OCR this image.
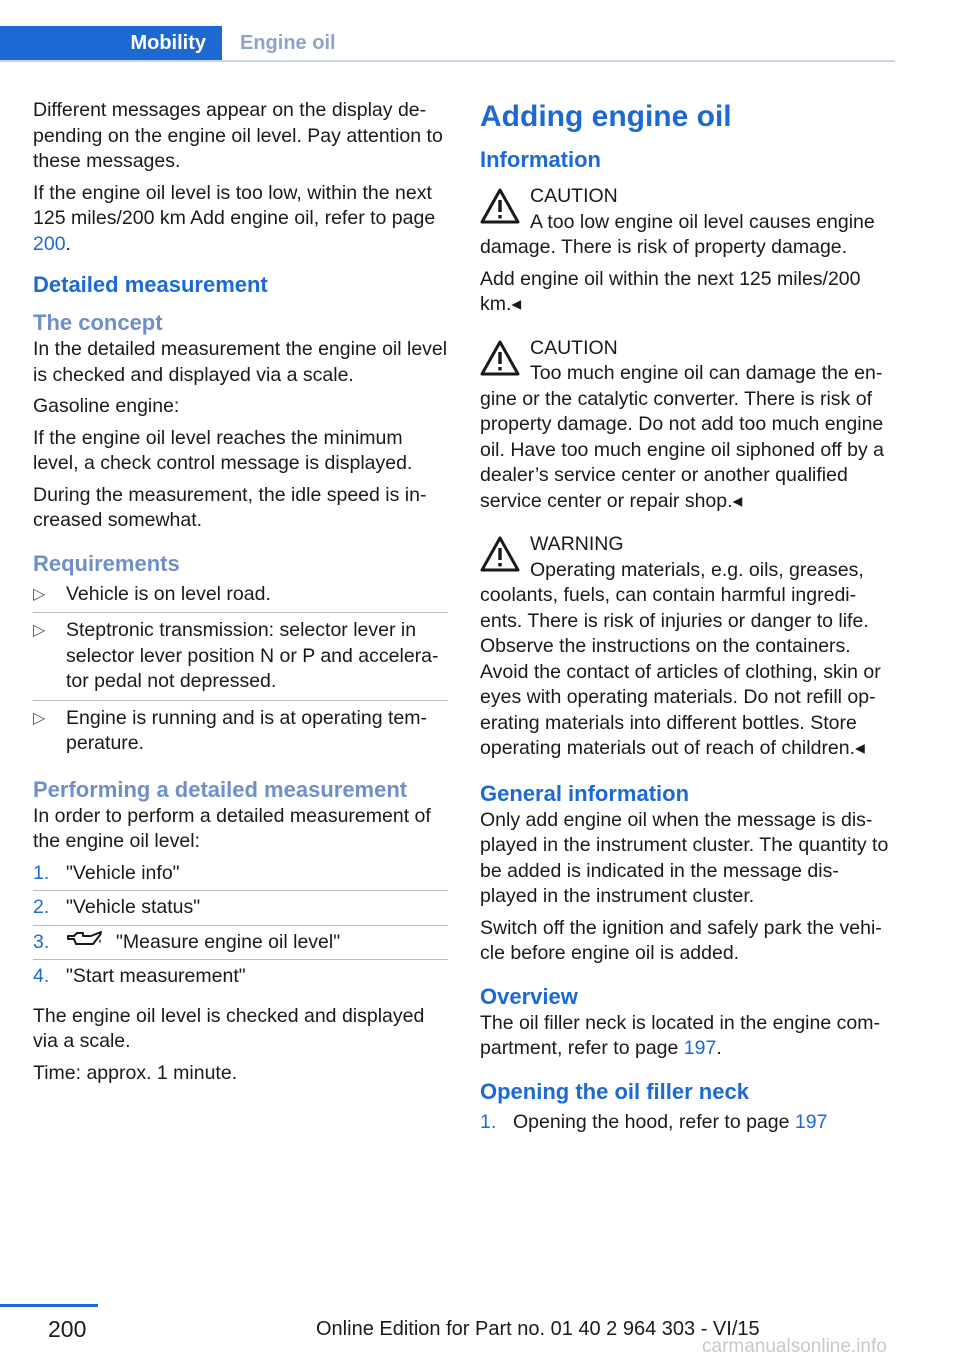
Mobility	Engine oil

Different messages appear on the display de-pending on the engine oil level. Pay attention to these messages.

If the engine oil level is too low, within the next 125 miles/200 km Add engine oil, refer to page 200.

Detailed measurement
The concept

In the detailed measurement the engine oil level is checked and displayed via a scale.

Gasoline engine:

If the engine oil level reaches the minimum level, a check control message is displayed.

During the measurement, the idle speed is in-creased somewhat.

Requirements
▷ Vehicle is on level road.
▷ Steptronic transmission: selector lever in selector lever position N or P and accelera-tor pedal not depressed.
▷ Engine is running and is at operating tem-perature.
Performing a detailed measurement

In order to perform a detailed measurement of the engine oil level:

1. "Vehicle info"
2. "Vehicle status"
3.	"Measure engine oil level"
4. "Start measurement"

The engine oil level is checked and displayed via a scale.

Time: approx. 1 minute.

Adding engine oil
Information
CAUTION
A too low engine oil level causes engine
damage. There is risk of property damage.

Add engine oil within the next 125 miles/200 km.◂

CAUTION
Too much engine oil can damage the en-
gine or the catalytic converter. There is risk of property damage. Do not add too much engine oil. Have too much engine oil siphoned off by a dealer’s service center or another qualified service center or repair shop.◂
WARNING
Operating materials, e.g. oils, greases,
coolants, fuels, can contain harmful ingredi-ents. There is risk of injuries or danger to life. Observe the instructions on the containers. Avoid the contact of articles of clothing, skin or eyes with operating materials. Do not refill op-erating materials into different bottles. Store operating materials out of reach of children.◂
General information

Only add engine oil when the message is dis-played in the instrument cluster. The quantity to be added is indicated in the message dis-played in the instrument cluster.

Switch off the ignition and safely park the vehi-cle before engine oil is added.

Overview

The oil filler neck is located in the engine com-partment, refer to page 197.

Opening the oil filler neck
1. Opening the hood, refer to page 197
200	Online Edition for Part no. 01 40 2 964 303 - VI/15
carmanualsonline.info
